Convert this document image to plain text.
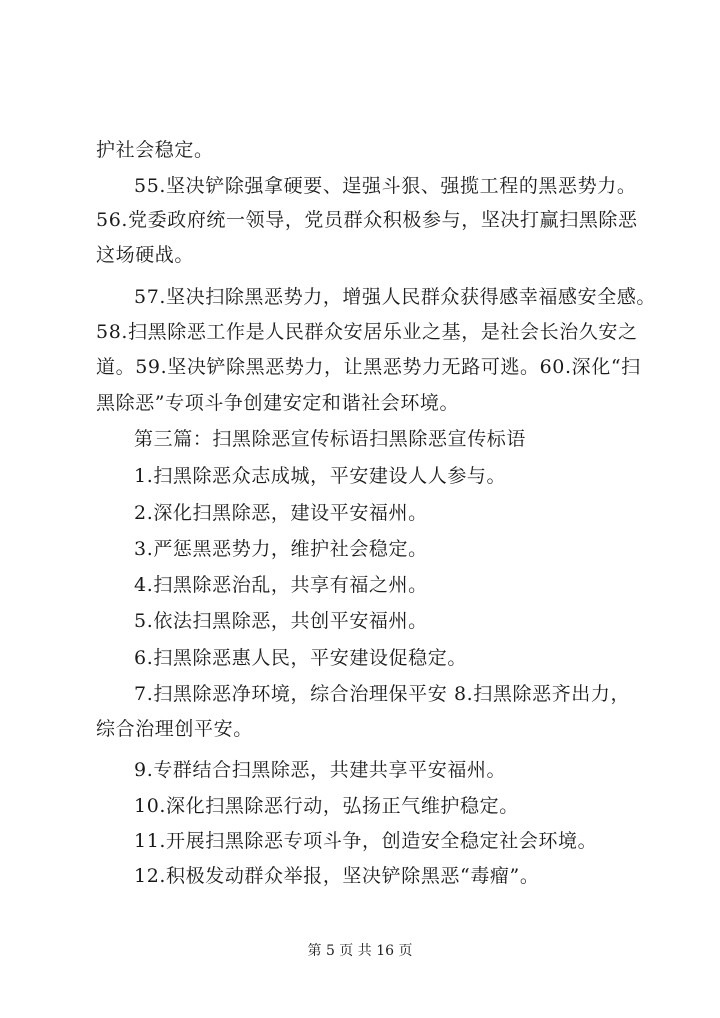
护社会稳定。
55.坚决铲除强拿硬要、逞强斗狠、强揽工程的黑恶势力。
56.党委政府统一领导，党员群众积极参与，坚决打赢扫黑除恶
这场硬战。
57.坚决扫除黑恶势力，增强人民群众获得感幸福感安全感。
58.扫黑除恶工作是人民群众安居乐业之基，是社会长治久安之
道。59.坚决铲除黑恶势力，让黑恶势力无路可逃。60.深化“扫
黑除恶”专项斗争创建安定和谐社会环境。
第三篇：扫黑除恶宣传标语扫黑除恶宣传标语
1.扫黑除恶众志成城，平安建设人人参与。
2.深化扫黑除恶，建设平安福州。
3.严惩黑恶势力，维护社会稳定。
4.扫黑除恶治乱，共享有福之州。
5.依法扫黑除恶，共创平安福州。
6.扫黑除恶惠人民，平安建设促稳定。
7.扫黑除恶净环境，综合治理保平安 8.扫黑除恶齐出力，
综合治理创平安。
9.专群结合扫黑除恶，共建共享平安福州。
10.深化扫黑除恶行动，弘扬正气维护稳定。
11.开展扫黑除恶专项斗争，创造安全稳定社会环境。
12.积极发动群众举报，坚决铲除黑恶“毒瘤”。
第 5 页 共 16 页
